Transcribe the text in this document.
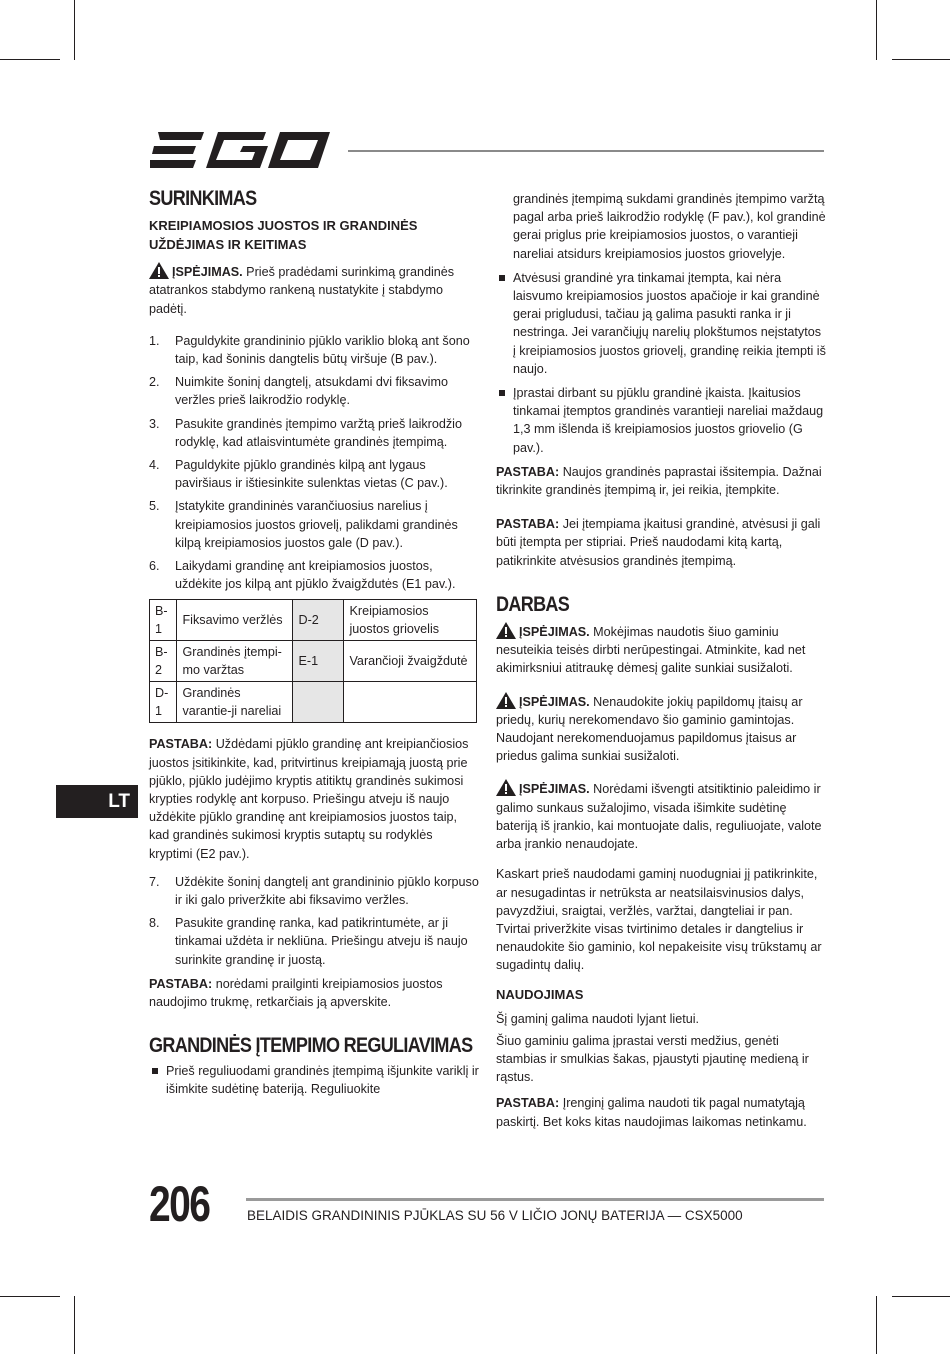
LT
SURINKIMAS
KREIPIAMOSIOS JUOSTOS IR GRANDINĖS UŽDĖJIMAS IR KEITIMAS
ĮSPĖJIMAS. Prieš pradėdami surinkimą grandinės atatrankos stabdymo rankeną nustatykite į stabdymo padėtį.
1. Paguldykite grandininio pjūklo variklio bloką ant šono taip, kad šoninis dangtelis būtų viršuje (B pav.).
2. Nuimkite šoninį dangtelį, atsukdami dvi fiksavimo veržles prieš laikrodžio rodyklę.
3. Pasukite grandinės įtempimo varžtą prieš laikrodžio rodyklę, kad atlaisvintumėte grandinės įtempimą.
4. Paguldykite pjūklo grandinės kilpą ant lygaus paviršiaus ir ištiesinkite sulenktas vietas (C pav.).
5. Įstatykite grandininės varančiuosius narelius į kreipiamosios juostos griovelį, palikdami grandinės kilpą kreipiamosios juostos gale (D pav.).
6. Laikydami grandinę ant kreipiamosios juostos, uždėkite jos kilpą ant pjūklo žvaigždutės (E1 pav.).
B-1	Fiksavimo veržlės	D-2	Kreipiamosios juostos griovelis
B-2	Grandinės įtempi-mo varžtas	E-1	Varančioji žvaigždutė
D-1	Grandinės varantie-ji nareliai		
PASTABA: Uždėdami pjūklo grandinę ant kreipiančiosios juostos įsitikinkite, kad, pritvirtinus kreipiamąją juostą prie pjūklo, pjūklo judėjimo kryptis atitiktų grandinės sukimosi krypties rodyklę ant korpuso. Priešingu atveju iš naujo uždėkite pjūklo grandinę ant kreipiamosios juostos taip, kad grandinės sukimosi kryptis sutaptų su rodyklės kryptimi (E2 pav.).
7. Uždėkite šoninį dangtelį ant grandininio pjūklo korpuso ir iki galo priveržkite abi fiksavimo veržles.
8. Pasukite grandinę ranka, kad patikrintumėte, ar ji tinkamai uždėta ir nekliūna. Priešingu atveju iš naujo surinkite grandinę ir juostą.
PASTABA: norėdami prailginti kreipiamosios juostos naudojimo trukmę, retkarčiais ją apverskite.
GRANDINĖS ĮTEMPIMO REGULIAVIMAS
Prieš reguliuodami grandinės įtempimą išjunkite variklį ir išimkite sudėtinę bateriją. Reguliuokite
grandinės įtempimą sukdami grandinės įtempimo varžtą pagal arba prieš laikrodžio rodyklę (F pav.), kol grandinė gerai priglus prie kreipiamosios juostos, o varantieji nareliai atsidurs kreipiamosios juostos griovelyje.
Atvėsusi grandinė yra tinkamai įtempta, kai nėra laisvumo kreipiamosios juostos apačioje ir kai grandinė gerai prigludusi, tačiau ją galima pasukti ranka ir ji nestringa. Jei varančiųjų narelių plokštumos neįstatytos į kreipiamosios juostos griovelį, grandinę reikia įtempti iš naujo.
Įprastai dirbant su pjūklu grandinė įkaista. Įkaitusios tinkamai įtemptos grandinės varantieji nareliai maždaug 1,3 mm išlenda iš kreipiamosios juostos griovelio (G pav.).
PASTABA: Naujos grandinės paprastai išsitempia. Dažnai tikrinkite grandinės įtempimą ir, jei reikia, įtempkite.
PASTABA: Jei įtempiama įkaitusi grandinė, atvėsusi ji gali būti įtempta per stipriai. Prieš naudodami kitą kartą, patikrinkite atvėsusios grandinės įtempimą.
DARBAS
ĮSPĖJIMAS. Mokėjimas naudotis šiuo gaminiu nesuteikia teisės dirbti nerūpestingai. Atminkite, kad net akimirksniui atitraukę dėmesį galite sunkiai susižaloti.
ĮSPĖJIMAS. Nenaudokite jokių papildomų įtaisų ar priedų, kurių nerekomendavo šio gaminio gamintojas. Naudojant nerekomenduojamus papildomus įtaisus ar priedus galima sunkiai susižaloti.
ĮSPĖJIMAS. Norėdami išvengti atsitiktinio paleidimo ir galimo sunkaus sužalojimo, visada išimkite sudėtinę bateriją iš įrankio, kai montuojate dalis, reguliuojate, valote arba įrankio nenaudojate.
Kaskart prieš naudodami gaminį nuodugniai jį patikrinkite, ar nesugadintas ir netrūksta ar neatsilaisvinusios dalys, pavyzdžiui, sraigtai, veržlės, varžtai, dangteliai ir pan. Tvirtai priveržkite visas tvirtinimo detales ir dangtelius ir nenaudokite šio gaminio, kol nepakeisite visų trūkstamų ar sugadintų dalių.
NAUDOJIMAS
Šį gaminį galima naudoti lyjant lietui.
Šiuo gaminiu galima įprastai versti medžius, genėti stambias ir smulkias šakas, pjaustyti pjautinę medieną ir rąstus.
PASTABA: Įrenginį galima naudoti tik pagal numatytąją paskirtį. Bet koks kitas naudojimas laikomas netinkamu.
206	BELAIDIS GRANDININIS PJŪKLAS SU 56 V LIČIO JONŲ BATERIJA — CSX5000
